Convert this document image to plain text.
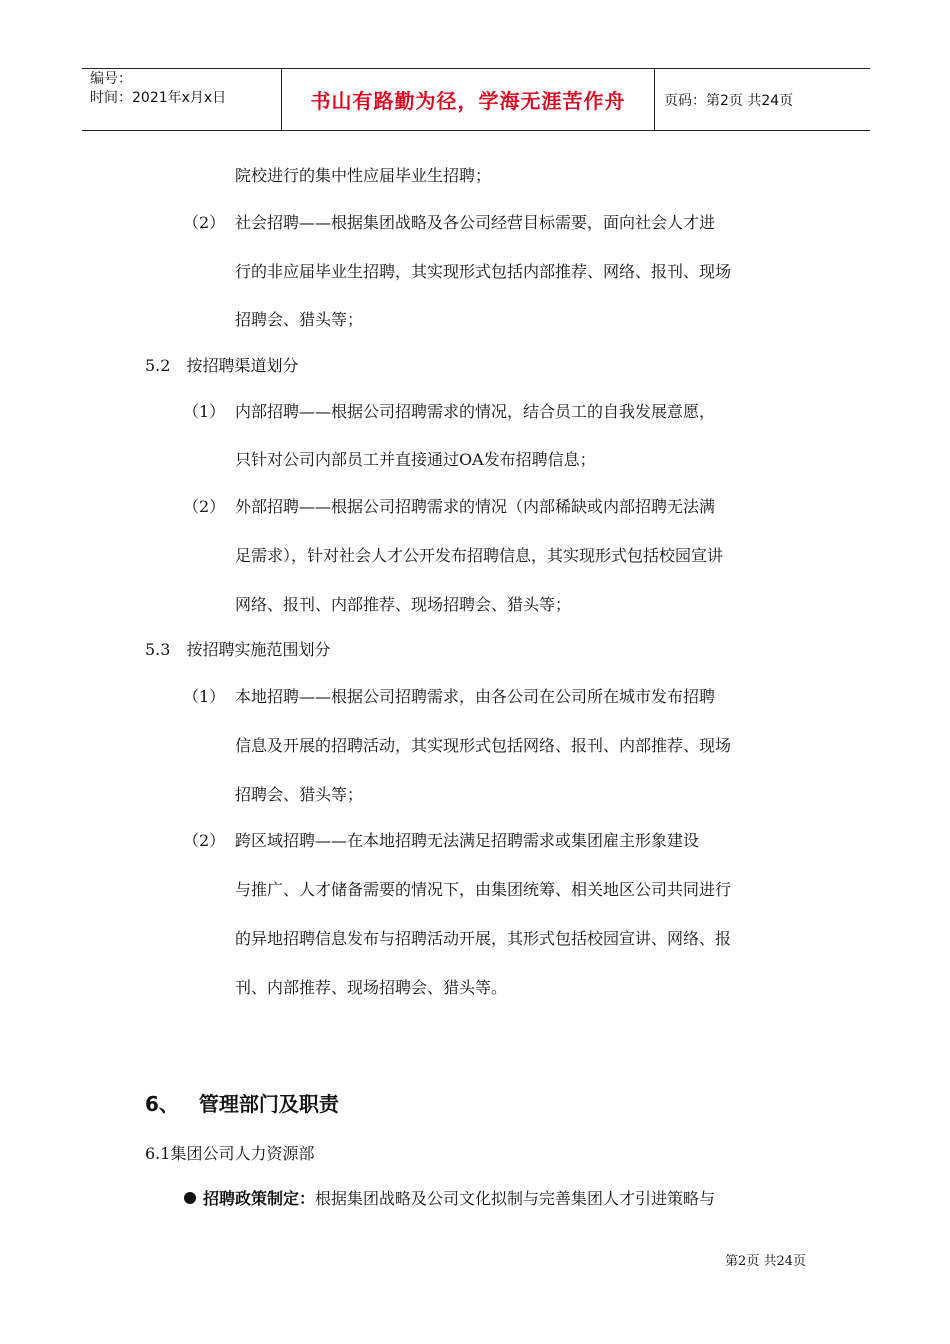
编号：
时间：2021年x月x日	书山有路勤为径，学海无涯苦作舟	页码：第2页 共24页
院校进行的集中性应届毕业生招聘；
（2） 社会招聘——根据集团战略及各公司经营目标需要，面向社会人才进
行的非应届毕业生招聘，其实现形式包括内部推荐、网络、报刊、现场
招聘会、猎头等；
5.2　按招聘渠道划分
（1） 内部招聘——根据公司招聘需求的情况，结合员工的自我发展意愿，
只针对公司内部员工并直接通过OA发布招聘信息；
（2） 外部招聘——根据公司招聘需求的情况（内部稀缺或内部招聘无法满
足需求），针对社会人才公开发布招聘信息，其实现形式包括校园宣讲
网络、报刊、内部推荐、现场招聘会、猎头等；
5.3　按招聘实施范围划分
（1） 本地招聘——根据公司招聘需求，由各公司在公司所在城市发布招聘
信息及开展的招聘活动，其实现形式包括网络、报刊、内部推荐、现场
招聘会、猎头等；
（2） 跨区域招聘——在本地招聘无法满足招聘需求或集团雇主形象建设
与推广、人才储备需要的情况下，由集团统筹、相关地区公司共同进行
的异地招聘信息发布与招聘活动开展，其形式包括校园宣讲、网络、报
刊、内部推荐、现场招聘会、猎头等。
6、 管理部门及职责
6.1集团公司人力资源部
招聘政策制定：根据集团战略及公司文化拟制与完善集团人才引进策略与
第2页 共24页
